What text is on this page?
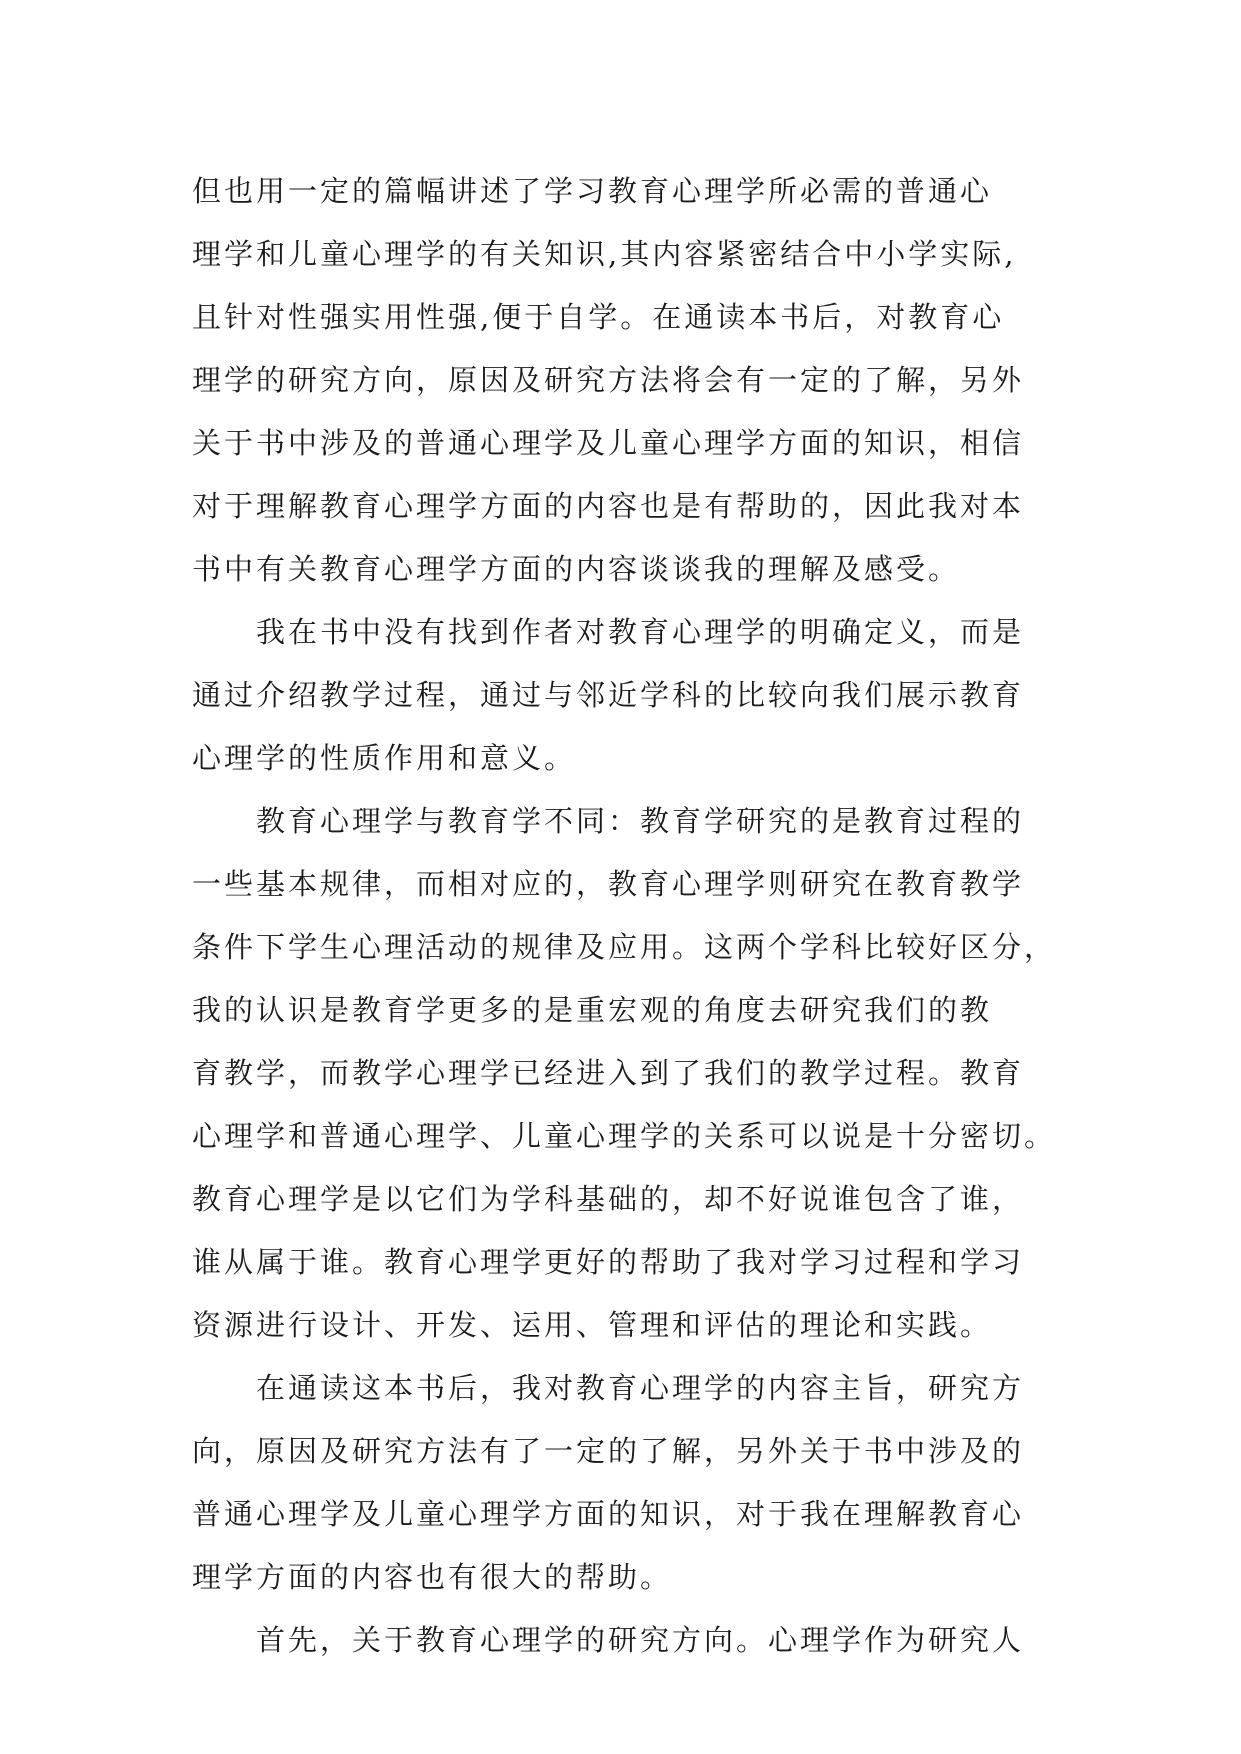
但也用一定的篇幅讲述了学习教育心理学所必需的普通心
理学和儿童心理学的有关知识,其内容紧密结合中小学实际,
且针对性强实用性强,便于自学。在通读本书后，对教育心
理学的研究方向，原因及研究方法将会有一定的了解，另外
关于书中涉及的普通心理学及儿童心理学方面的知识，相信
对于理解教育心理学方面的内容也是有帮助的，因此我对本
书中有关教育心理学方面的内容谈谈我的理解及感受。
　　我在书中没有找到作者对教育心理学的明确定义，而是
通过介绍教学过程，通过与邻近学科的比较向我们展示教育
心理学的性质作用和意义。
　　教育心理学与教育学不同：教育学研究的是教育过程的
一些基本规律，而相对应的，教育心理学则研究在教育教学
条件下学生心理活动的规律及应用。这两个学科比较好区分，
我的认识是教育学更多的是重宏观的角度去研究我们的教
育教学，而教学心理学已经进入到了我们的教学过程。教育
心理学和普通心理学、儿童心理学的关系可以说是十分密切。
教育心理学是以它们为学科基础的，却不好说谁包含了谁，
谁从属于谁。教育心理学更好的帮助了我对学习过程和学习
资源进行设计、开发、运用、管理和评估的理论和实践。
　　在通读这本书后，我对教育心理学的内容主旨，研究方
向，原因及研究方法有了一定的了解，另外关于书中涉及的
普通心理学及儿童心理学方面的知识，对于我在理解教育心
理学方面的内容也有很大的帮助。
　　首先，关于教育心理学的研究方向。心理学作为研究人
